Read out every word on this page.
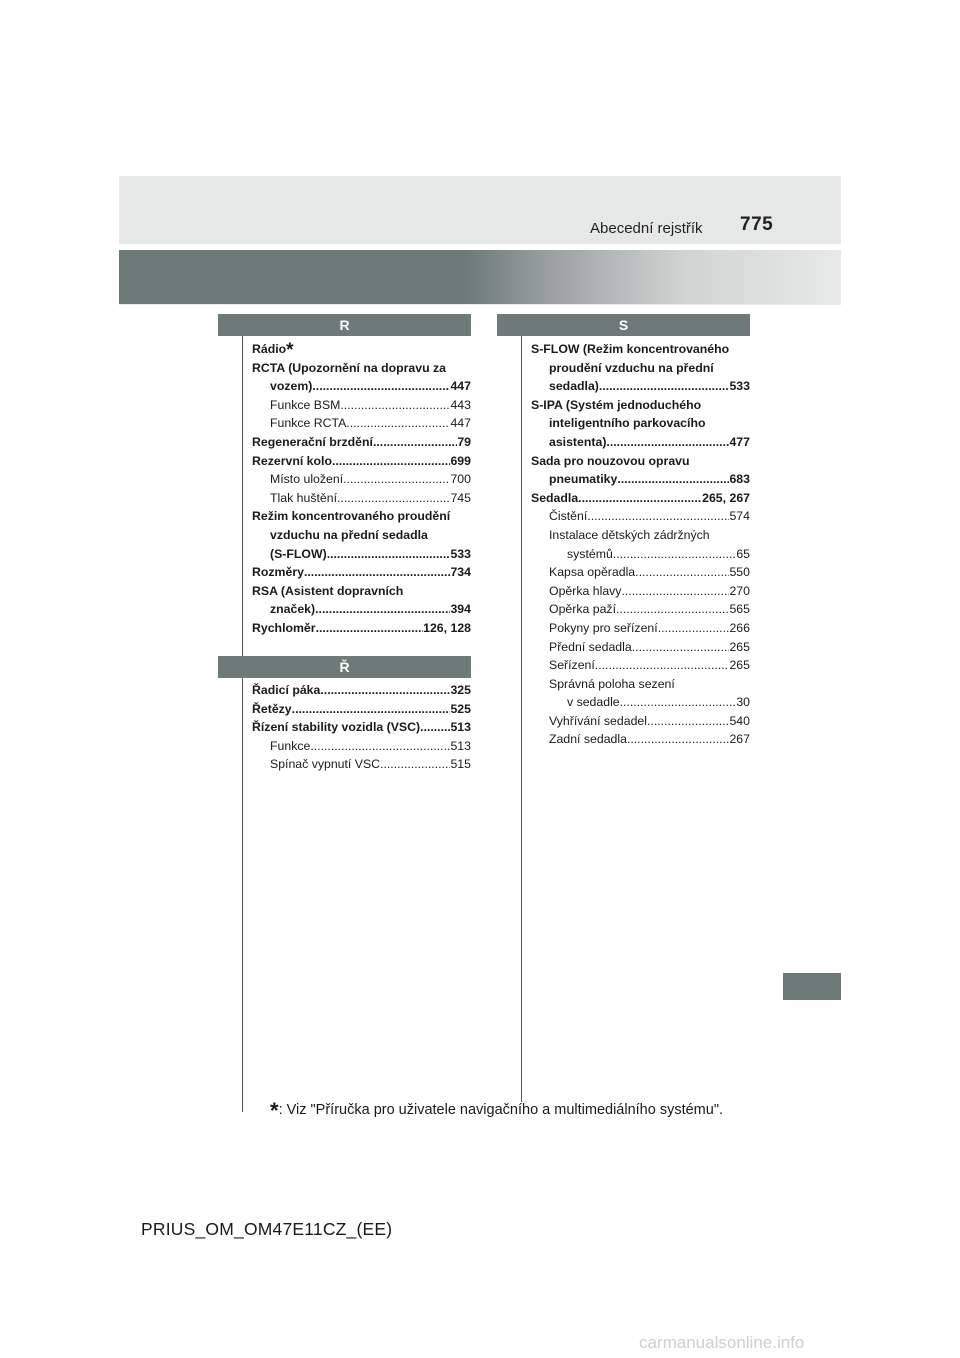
Abecední rejstřík 775
R	S
Ř
Rádio*
RCTA (Upozornění na dopravu za
vozem) .....	447
Funkce BSM .....	443
Funkce RCTA .....	447
Regenerační brzdění .....	79
Rezervní kolo .....	699
Místo uložení .....	700
Tlak huštění .....	745
Režim koncentrovaného proudění
vzduchu na přední sedadla
(S-FLOW) .....	533
Rozměry .....	734
RSA (Asistent dopravních
značek) .....	394
Rychloměr .....	126, 128
Řadicí páka .....	325
Řetězy .....	525
Řízení stability vozidla (VSC) ..... 513
Funkce .....	513
Spínač vypnutí VSC .....	515
S-FLOW (Režim koncentrovaného
proudění vzduchu na přední
sedadla) .....	533
S-IPA (Systém jednoduchého
inteligentního parkovacího
asistenta) .....	477
Sada pro nouzovou opravu
pneumatiky .....	683
Sedadla .....	265, 267
Čistění .....	574
Instalace dětských zádržných
systémů .....	65
Kapsa opěradla .....	550
Opěrka hlavy .....	270
Opěrka paží .....	565
Pokyny pro seřízení .....	266
Přední sedadla .....	265
Seřízení .....	265
Správná poloha sezení
v sedadle .....	30
Vyhřívání sedadel .....	540
Zadní sedadla .....	267
*: Viz "Příručka pro uživatele navigačního a multimediálního systému".
PRIUS_OM_OM47E11CZ_(EE)
carmanualsonline.info
